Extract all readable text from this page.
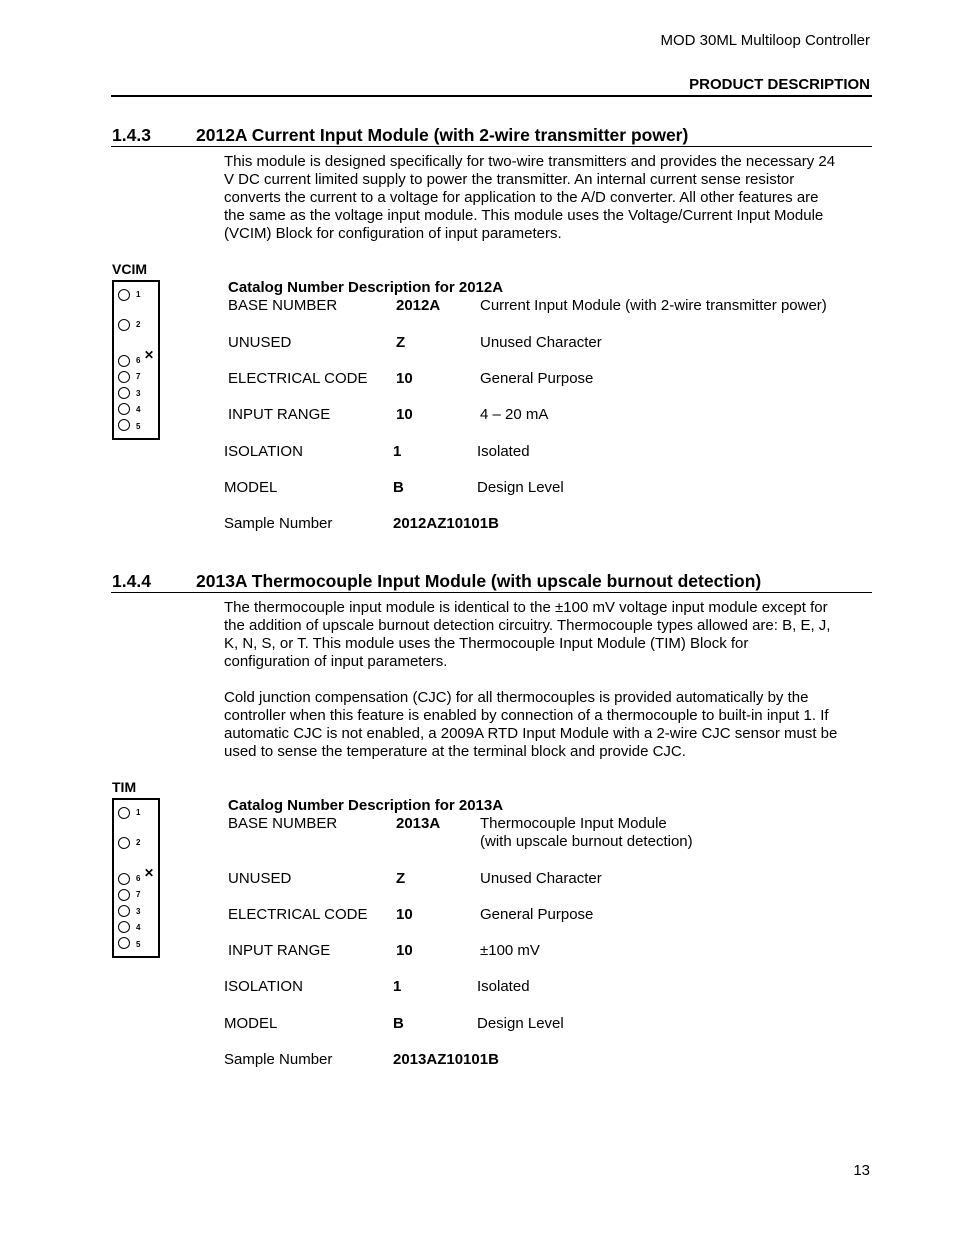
MOD 30ML Multiloop Controller
PRODUCT DESCRIPTION
1.4.3	2012A Current Input Module (with 2-wire transmitter power)
This module is designed specifically for two-wire transmitters and provides the necessary 24
V DC current limited supply to power the transmitter. An internal current sense resistor
converts the current to a voltage for application to the A/D converter. All other features are
the same as the voltage input module. This module uses the Voltage/Current Input Module
(VCIM) Block for configuration of input parameters.
VCIM
1
2
6 ✕
7
3
4
5
Catalog Number Description for 2012A
BASE NUMBER	2012A	Current Input Module (with 2-wire transmitter power)
UNUSED	Z	Unused Character
ELECTRICAL CODE 10	General Purpose
INPUT RANGE	10	4 – 20 mA
ISOLATION	1	Isolated
MODEL	B	Design Level
Sample Number	2012AZ10101B
1.4.4	2013A Thermocouple Input Module (with upscale burnout detection)
The thermocouple input module is identical to the ±100 mV voltage input module except for
the addition of upscale burnout detection circuitry. Thermocouple types allowed are: B, E, J,
K, N, S, or T. This module uses the Thermocouple Input Module (TIM) Block for
configuration of input parameters.
Cold junction compensation (CJC) for all thermocouples is provided automatically by the
controller when this feature is enabled by connection of a thermocouple to built-in input 1. If
automatic CJC is not enabled, a 2009A RTD Input Module with a 2-wire CJC sensor must be
used to sense the temperature at the terminal block and provide CJC.
TIM
1
2
6 ✕
7
3
4
5
Catalog Number Description for 2013A
BASE NUMBER	2013A	Thermocouple Input Module
(with upscale burnout detection)
UNUSED	Z	Unused Character
ELECTRICAL CODE 10	General Purpose
INPUT RANGE	10	±100 mV
ISOLATION	1	Isolated
MODEL	B	Design Level
Sample Number	2013AZ10101B
13
